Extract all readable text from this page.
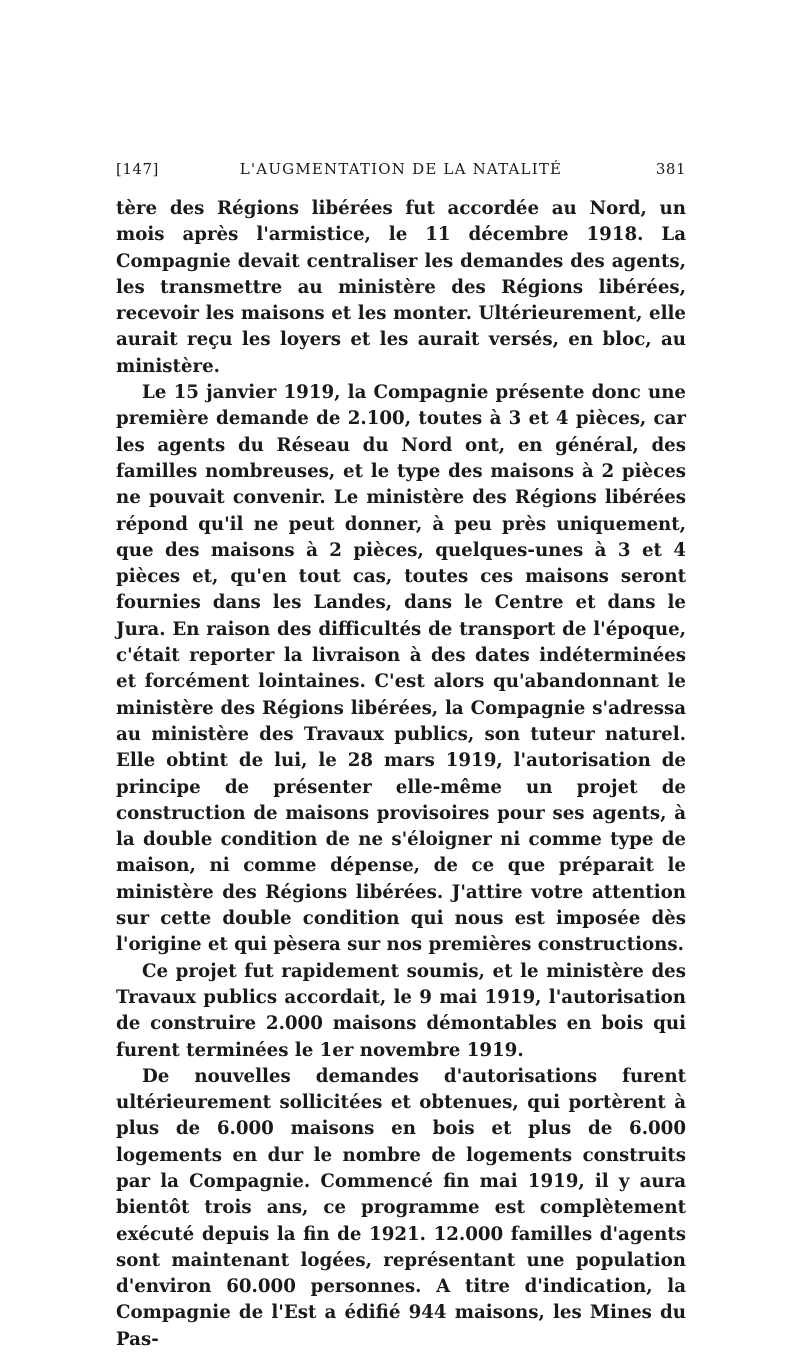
[147]	L'AUGMENTATION DE LA NATALITÉ	381

tère des Régions libérées fut accordée au Nord, un mois après l'armistice, le 11 décembre 1918. La Compagnie devait centraliser les demandes des agents, les transmettre au ministère des Régions libérées, recevoir les maisons et les monter. Ultérieurement, elle aurait reçu les loyers et les aurait versés, en bloc, au ministère.

Le 15 janvier 1919, la Compagnie présente donc une première demande de 2.100, toutes à 3 et 4 pièces, car les agents du Réseau du Nord ont, en général, des familles nombreuses, et le type des maisons à 2 pièces ne pouvait convenir. Le ministère des Régions libérées répond qu'il ne peut donner, à peu près uniquement, que des maisons à 2 pièces, quelques-unes à 3 et 4 pièces et, qu'en tout cas, toutes ces maisons seront fournies dans les Landes, dans le Centre et dans le Jura. En raison des difficultés de transport de l'époque, c'était reporter la livraison à des dates indéterminées et forcément lointaines. C'est alors qu'abandonnant le ministère des Régions libérées, la Compagnie s'adressa au ministère des Travaux publics, son tuteur naturel. Elle obtint de lui, le 28 mars 1919, l'autorisation de principe de présenter elle-même un projet de construction de maisons provisoires pour ses agents, à la double condition de ne s'éloigner ni comme type de maison, ni comme dépense, de ce que préparait le ministère des Régions libérées. J'attire votre attention sur cette double condition qui nous est imposée dès l'origine et qui pèsera sur nos premières constructions.

Ce projet fut rapidement soumis, et le ministère des Travaux publics accordait, le 9 mai 1919, l'autorisation de construire 2.000 maisons démontables en bois qui furent terminées le 1er novembre 1919.

De nouvelles demandes d'autorisations furent ultérieurement sollicitées et obtenues, qui portèrent à plus de 6.000 maisons en bois et plus de 6.000 logements en dur le nombre de logements construits par la Compagnie. Commencé fin mai 1919, il y aura bientôt trois ans, ce programme est complètement exécuté depuis la fin de 1921. 12.000 familles d'agents sont maintenant logées, représentant une population d'environ 60.000 personnes. A titre d'indication, la Compagnie de l'Est a édifié 944 maisons, les Mines du Pas-
